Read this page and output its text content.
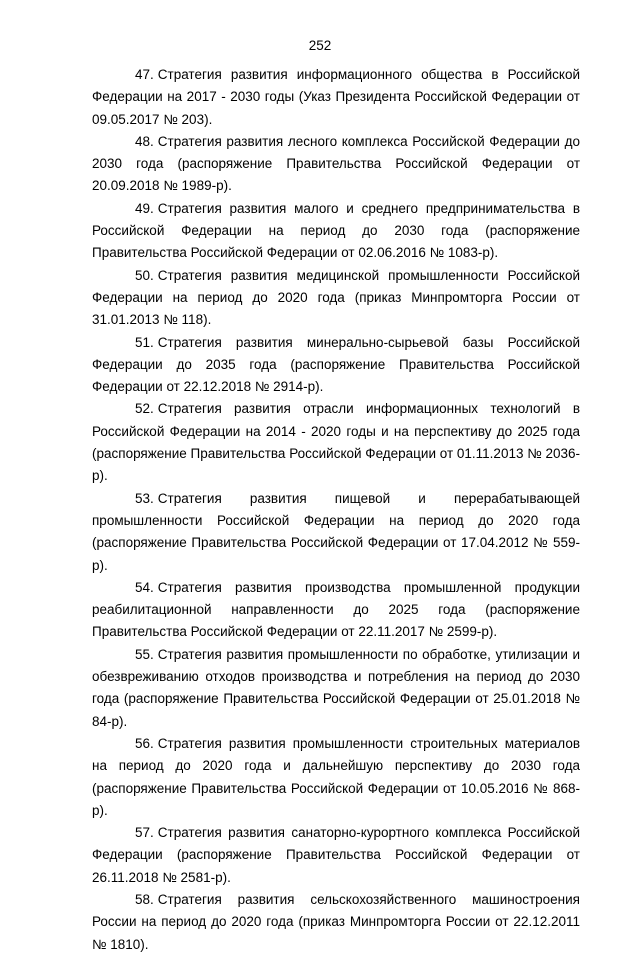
252

47. Стратегия развития информационного общества в Российской Федерации на 2017 - 2030 годы (Указ Президента Российской Федерации от 09.05.2017 № 203).

48. Стратегия развития лесного комплекса Российской Федерации до 2030 года (распоряжение Правительства Российской Федерации от 20.09.2018 № 1989-р).

49. Стратегия развития малого и среднего предпринимательства в Российской Федерации на период до 2030 года (распоряжение Правительства Российской Федерации от 02.06.2016 № 1083-р).

50. Стратегия развития медицинской промышленности Российской Федерации на период до 2020 года (приказ Минпромторга России от 31.01.2013 № 118).

51. Стратегия развития минерально-сырьевой базы Российской Федерации до 2035 года (распоряжение Правительства Российской Федерации от 22.12.2018 № 2914-р).

52. Стратегия развития отрасли информационных технологий в Российской Федерации на 2014 - 2020 годы и на перспективу до 2025 года (распоряжение Правительства Российской Федерации от 01.11.2013 № 2036-р).

53. Стратегия развития пищевой и перерабатывающей промышленности Российской Федерации на период до 2020 года (распоряжение Правительства Российской Федерации от 17.04.2012 № 559-р).

54. Стратегия развития производства промышленной продукции реабилитационной направленности до 2025 года (распоряжение Правительства Российской Федерации от 22.11.2017 № 2599-р).

55. Стратегия развития промышленности по обработке, утилизации и обезвреживанию отходов производства и потребления на период до 2030 года (распоряжение Правительства Российской Федерации от 25.01.2018 № 84-р).

56. Стратегия развития промышленности строительных материалов на период до 2020 года и дальнейшую перспективу до 2030 года (распоряжение Правительства Российской Федерации от 10.05.2016 № 868-р).

57. Стратегия развития санаторно-курортного комплекса Российской Федерации (распоряжение Правительства Российской Федерации от 26.11.2018 № 2581-р).

58. Стратегия развития сельскохозяйственного машиностроения России на период до 2020 года (приказ Минпромторга России от 22.12.2011 № 1810).
